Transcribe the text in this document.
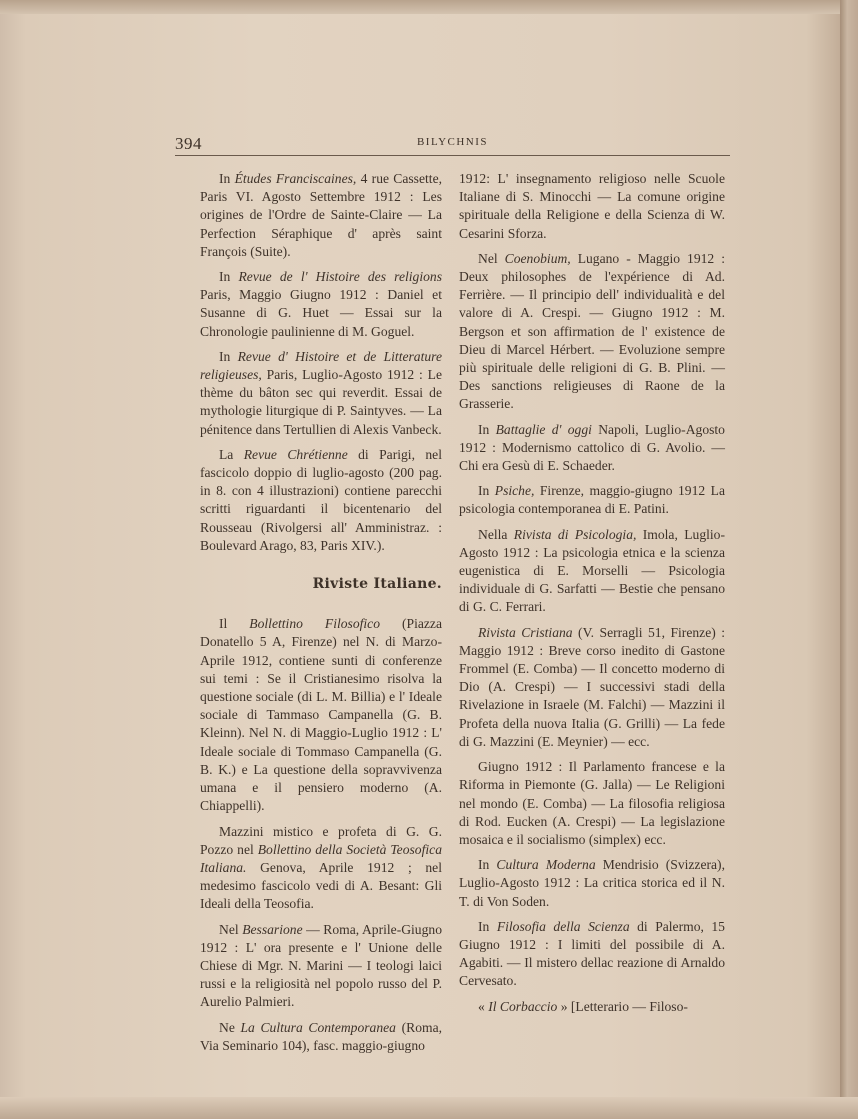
394	BILYCHNIS

In Études Franciscaines, 4 rue Cassette, Paris VI. Agosto Settembre 1912 : Les origines de l'Ordre de Sainte-Claire — La Perfection Séraphique d' après saint François (Suite).

In Revue de l' Histoire des religions Paris, Maggio Giugno 1912 : Daniel et Susanne di G. Huet — Essai sur la Chronologie paulinienne di M. Goguel.

In Revue d' Histoire et de Litterature religieuses, Paris, Luglio-Agosto 1912 : Le thème du bâton sec qui reverdit. Essai de mythologie liturgique di P. Saintyves. — La pénitence dans Tertullien di Alexis Vanbeck.

La Revue Chrétienne di Parigi, nel fascicolo doppio di luglio-agosto (200 pag. in 8. con 4 illustrazioni) contiene parecchi scritti riguardanti il bicentenario del Rousseau (Rivolgersi all' Amministraz. : Boulevard Arago, 83, Paris XIV.).

Riviste Italiane.

Il Bollettino Filosofico (Piazza Donatello 5 A, Firenze) nel N. di Marzo-Aprile 1912, contiene sunti di conferenze sui temi : Se il Cristianesimo risolva la questione sociale (di L. M. Billia) e l' Ideale sociale di Tammaso Campanella (G. B. Kleinn). Nel N. di Maggio-Luglio 1912 : L' Ideale sociale di Tommaso Campanella (G. B. K.) e La questione della sopravvivenza umana e il pensiero moderno (A. Chiappelli).

Mazzini mistico e profeta di G. G. Pozzo nel Bollettino della Società Teosofica Italiana. Genova, Aprile 1912 ; nel medesimo fascicolo vedi di A. Besant: Gli Ideali della Teosofia.

Nel Bessarione — Roma, Aprile-Giugno 1912 : L' ora presente e l' Unione delle Chiese di Mgr. N. Marini — I teologi laici russi e la religiosità nel popolo russo del P. Aurelio Palmieri.

Ne La Cultura Contemporanea (Roma, Via Seminario 104), fasc. maggio-giugno

1912: L' insegnamento religioso nelle Scuole Italiane di S. Minocchi — La comune origine spirituale della Religione e della Scienza di W. Cesarini Sforza.

Nel Coenobium, Lugano - Maggio 1912 : Deux philosophes de l'expérience di Ad. Ferrière. — Il principio dell' individualità e del valore di A. Crespi. — Giugno 1912 : M. Bergson et son affirmation de l' existence de Dieu di Marcel Hérbert. — Evoluzione sempre più spirituale delle religioni di G. B. Plini. — Des sanctions religieuses di Raone de la Grasserie.

In Battaglie d' oggi Napoli, Luglio-Agosto 1912 : Modernismo cattolico di G. Avolio. — Chi era Gesù di E. Schaeder.

In Psiche, Firenze, maggio-giugno 1912 La psicologia contemporanea di E. Patini.

Nella Rivista di Psicologia, Imola, Luglio-Agosto 1912 : La psicologia etnica e la scienza eugenistica di E. Morselli — Psicologia individuale di G. Sarfatti — Bestie che pensano di G. C. Ferrari.

Rivista Cristiana (V. Serragli 51, Firenze) : Maggio 1912 : Breve corso inedito di Gastone Frommel (E. Comba) — Il concetto moderno di Dio (A. Crespi) — I successivi stadi della Rivelazione in Israele (M. Falchi) — Mazzini il Profeta della nuova Italia (G. Grilli) — La fede di G. Mazzini (E. Meynier) — ecc.

Giugno 1912 : Il Parlamento francese e la Riforma in Piemonte (G. Jalla) — Le Religioni nel mondo (E. Comba) — La filosofia religiosa di Rod. Eucken (A. Crespi) — La legislazione mosaica e il socialismo (simplex) ecc.

In Cultura Moderna Mendrisio (Svizzera), Luglio-Agosto 1912 : La critica storica ed il N. T. di Von Soden.

In Filosofia della Scienza di Palermo, 15 Giugno 1912 : I limiti del possibile di A. Agabiti. — Il mistero dellac reazione di Arnaldo Cervesato.

« Il Corbaccio » [Letterario — Filoso-
